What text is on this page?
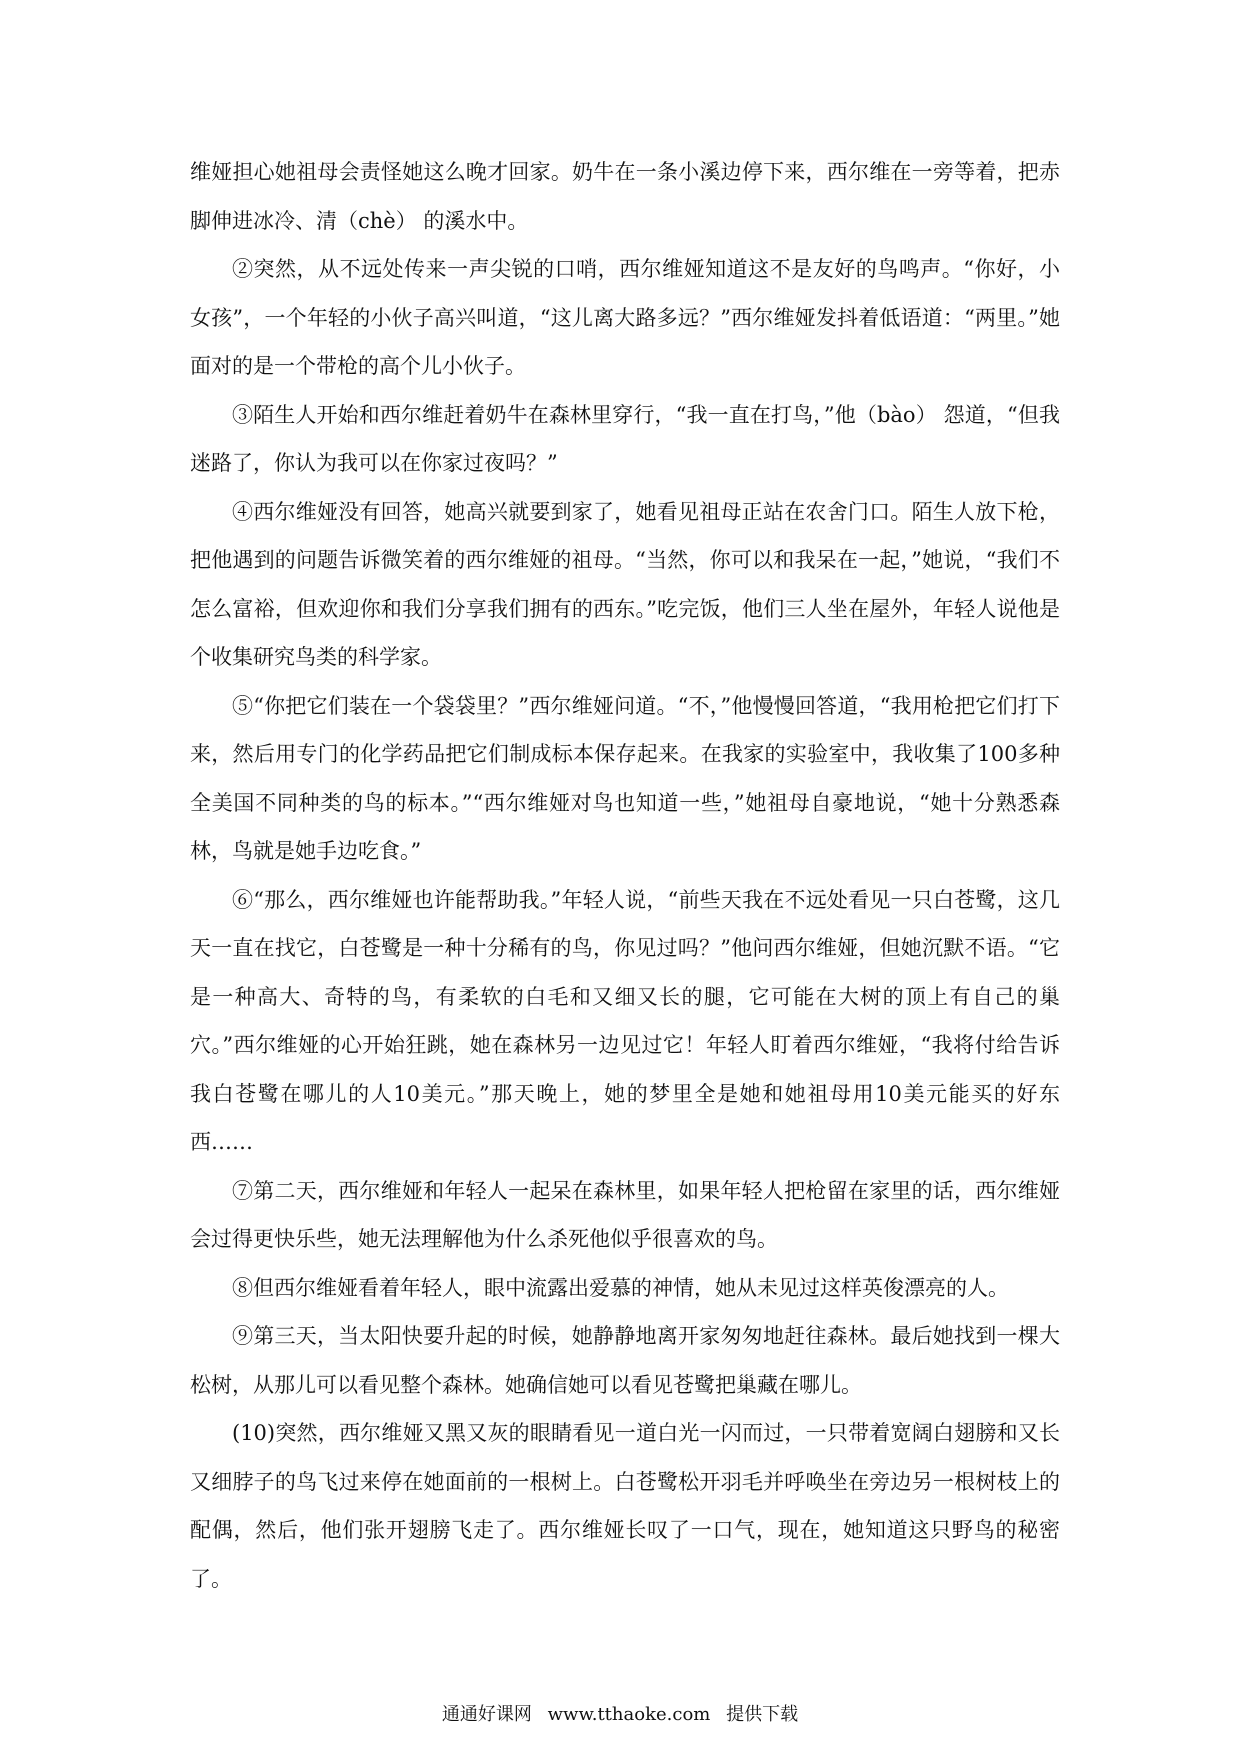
维娅担心她祖母会责怪她这么晚才回家。奶牛在一条小溪边停下来，西尔维在一旁等着，把赤脚伸进冰冷、清（chè） 的溪水中。

②突然，从不远处传来一声尖锐的口哨，西尔维娅知道这不是友好的鸟鸣声。“你好，小女孩”，一个年轻的小伙子高兴叫道，“这儿离大路多远？”西尔维娅发抖着低语道：“两里。”她面对的是一个带枪的高个儿小伙子。

③陌生人开始和西尔维赶着奶牛在森林里穿行，“我一直在打鸟，”他（bào） 怨道，“但我迷路了，你认为我可以在你家过夜吗？”

④西尔维娅没有回答，她高兴就要到家了，她看见祖母正站在农舍门口。陌生人放下枪，把他遇到的问题告诉微笑着的西尔维娅的祖母。“当然，你可以和我呆在一起，”她说，“我们不怎么富裕，但欢迎你和我们分享我们拥有的西东。”吃完饭，他们三人坐在屋外，年轻人说他是个收集研究鸟类的科学家。

⑤“你把它们装在一个袋袋里？”西尔维娅问道。“不，”他慢慢回答道，“我用枪把它们打下来，然后用专门的化学药品把它们制成标本保存起来。在我家的实验室中，我收集了100多种全美国不同种类的鸟的标本。”“西尔维娅对鸟也知道一些，”她祖母自豪地说，“她十分熟悉森林，鸟就是她手边吃食。”

⑥“那么，西尔维娅也许能帮助我。”年轻人说，“前些天我在不远处看见一只白苍鹭，这几天一直在找它，白苍鹭是一种十分稀有的鸟，你见过吗？”他问西尔维娅，但她沉默不语。“它是一种高大、奇特的鸟，有柔软的白毛和又细又长的腿，它可能在大树的顶上有自己的巢穴。”西尔维娅的心开始狂跳，她在森林另一边见过它！年轻人盯着西尔维娅，“我将付给告诉我白苍鹭在哪儿的人10美元。”那天晚上，她的梦里全是她和她祖母用10美元能买的好东西……

⑦第二天，西尔维娅和年轻人一起呆在森林里，如果年轻人把枪留在家里的话，西尔维娅会过得更快乐些，她无法理解他为什么杀死他似乎很喜欢的鸟。

⑧但西尔维娅看着年轻人，眼中流露出爱慕的神情，她从未见过这样英俊漂亮的人。

⑨第三天，当太阳快要升起的时候，她静静地离开家匆匆地赶往森林。最后她找到一棵大松树，从那儿可以看见整个森林。她确信她可以看见苍鹭把巢藏在哪儿。

(10)突然，西尔维娅又黑又灰的眼睛看见一道白光一闪而过，一只带着宽阔白翅膀和又长又细脖子的鸟飞过来停在她面前的一根树上。白苍鹭松开羽毛并呼唤坐在旁边另一根树枝上的配偶，然后，他们张开翅膀飞走了。西尔维娅长叹了一口气，现在，她知道这只野鸟的秘密了。

通通好课网 www.tthaoke.com 提供下载
